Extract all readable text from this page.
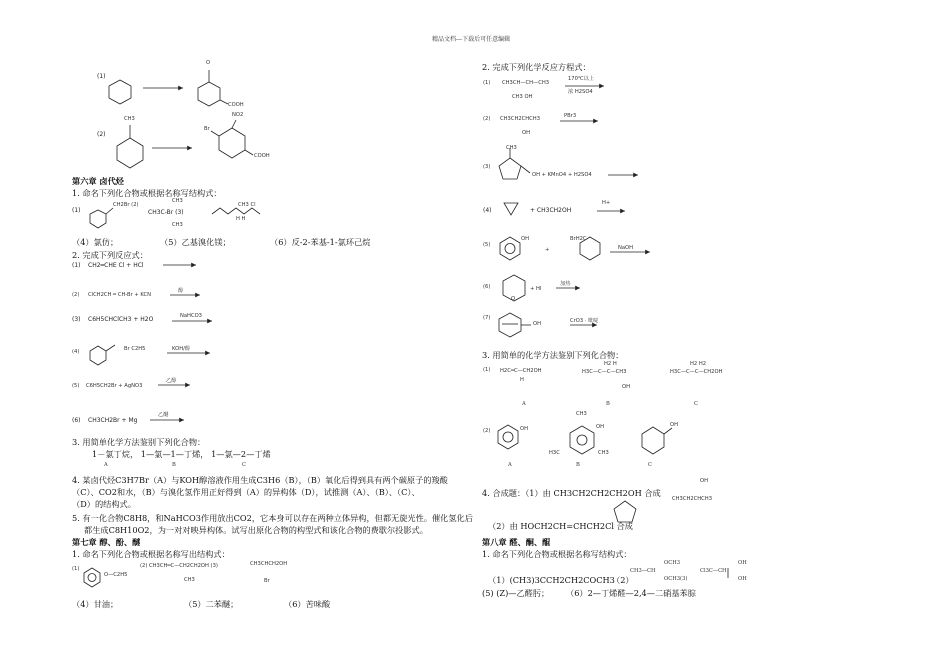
精品文档---下载后可任意编辑
(1)
O
COOH
(2)
CH3
Br
NO2
COOH
第六章 卤代烃
1. 命名下列化合物或根据名称写结构式：
(1)
CH2Br (2)
CH3
CH3C-Br (3)
CH3
CH3 Cl
H H
（4）氯仿；	（5）乙基溴化镁；	（6）反-2-苯基-1-氯环己烷
2. 完成下列反应式：
(1) CH2═CHE Cl + HCl
(2) ClCH2CH ═ CH-Br + KCN
醇
(3) C6H5CHClCH3 + H2O	NaHCO3
(4)	Br C2H5	KOH/醇
(5) C6H5CH2Br + AgNO3
乙醇
(6) CH3CH2Br + Mg
乙醚
3. 用简单化学方法鉴别下列化合物：
1－氯丁烷， 1—氯—1—丁烯， 1—氯—2—丁烯
A	B	C
4. 某卤代烃C3H7Br（A）与KOH醇溶液作用生成C3H6（B），（B）氧化后得到具有两个碳原子的羧酸
（C）、CO2和水，（B）与溴化氢作用正好得到（A）的异构体（D），试推测（A）、（B）、（C）、
（D）的结构式。
5. 有一化合物C8H8，和NaHCO3作用放出CO2，它本身可以存在两种立体异构，但都无旋光性。催化氢化后
都生成C8H10O2，为一对对映异构体。试写出原化合物的构型式和该化合物的费歇尔投影式。
第七章 醇、酚、醚
1. 命名下列化合物或根据名称写出结构式：
(1)
O—C2H5
(2) CH3CH═C—CH2CH2OH (3)
CH3
CH3CHCH2OH
Br
（4）甘油；	（5）二苯醚；	（6）苦味酸
2. 完成下列化学反应方程式：
(1) CH3CH—CH—CH3
CH3 OH
170℃以上
浓 H2SO4
(2) CH3CH2CHCH3
OH
PBr3
(3)
CH3
OH + KMnO4 + H2SO4
(4)	+ CH3CH2OH
H+
(5)
OH
+
BrH2C
NaOH
(6)
O
+ HI
加热
(7)
OH	CrO3 · 吡啶
3. 用简单的化学方法鉴别下列化合物：
(1) H2C═C—CH2OH
H
H2 H
H3C—C—C—CH3
OH
H2 H2
H3C—C—C—CH2OH
A	B	C
(2)	OH
CH3
OH
H3C	CH3
OH
A	B	C
OH
4. 合成题：（1）由 CH3CH2CH2CH2OH 合成
CH3CH2CHCH3
（2）由 HOCH2CH=CHCH2Cl 合成
第八章 醛、酮、醌
1. 命名下列化合物或根据名称写结构式：
（1）(CH3)3CCH2CH2COCH3
（2）
OCH3
CH3—CH
OCH3(3)
Cl3C—CH
OH
OH
(5) (Z)—乙醛肟； （6）2—丁烯醛—2,4—二硝基苯腙
